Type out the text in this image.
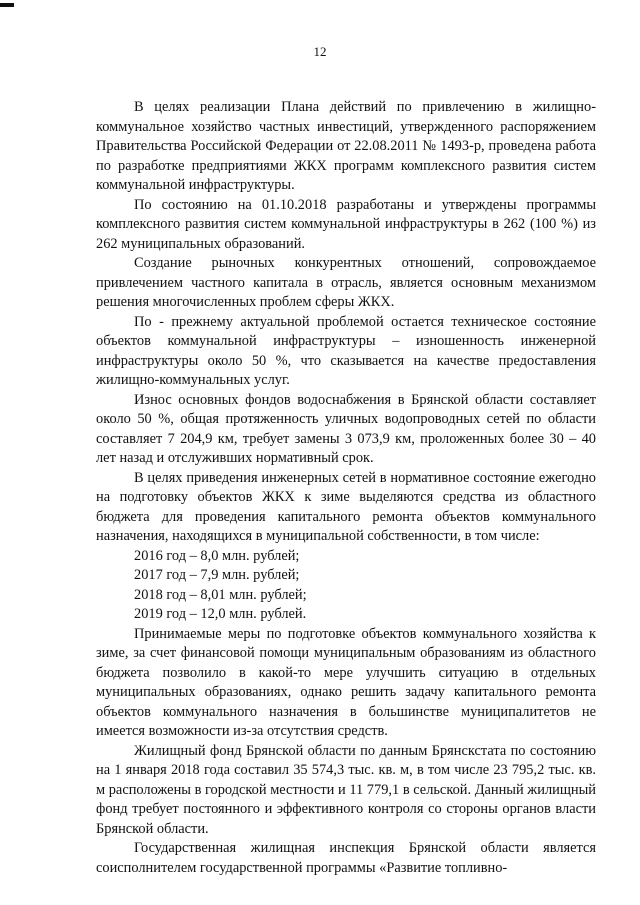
12

В целях реализации Плана действий по привлечению в жилищно-коммунальное хозяйство частных инвестиций, утвержденного распоряжением Правительства Российской Федерации от 22.08.2011 № 1493-р, проведена работа по разработке предприятиями ЖКХ программ комплексного развития систем коммунальной инфраструктуры.

По состоянию на 01.10.2018 разработаны и утверждены программы комплексного развития систем коммунальной инфраструктуры в 262 (100 %) из 262 муниципальных образований.

Создание рыночных конкурентных отношений, сопровождаемое привлечением частного капитала в отрасль, является основным механизмом решения многочисленных проблем сферы ЖКХ.

По - прежнему актуальной проблемой остается техническое состояние объектов коммунальной инфраструктуры – изношенность инженерной инфраструктуры около 50 %, что сказывается на качестве предоставления жилищно-коммунальных услуг.

Износ основных фондов водоснабжения в Брянской области составляет около 50 %, общая протяженность уличных водопроводных сетей по области составляет 7 204,9 км, требует замены 3 073,9 км, проложенных более 30 – 40 лет назад и отслуживших нормативный срок.

В целях приведения инженерных сетей в нормативное состояние ежегодно на подготовку объектов ЖКХ к зиме выделяются средства из областного бюджета для проведения капитального ремонта объектов коммунального назначения, находящихся в муниципальной собственности, в том числе:

2016 год – 8,0 млн. рублей;

2017 год – 7,9 млн. рублей;

2018 год – 8,01 млн. рублей;

2019 год – 12,0 млн. рублей.

Принимаемые меры по подготовке объектов коммунального хозяйства к зиме, за счет финансовой помощи муниципальным образованиям из областного бюджета позволило в какой-то мере улучшить ситуацию в отдельных муниципальных образованиях, однако решить задачу капитального ремонта объектов коммунального назначения в большинстве муниципалитетов не имеется возможности из-за отсутствия средств.

Жилищный фонд Брянской области по данным Брянскстата по состоянию на 1 января 2018 года составил 35 574,3 тыс. кв. м, в том числе 23 795,2 тыс. кв. м расположены в городской местности и 11 779,1 в сельской. Данный жилищный фонд требует постоянного и эффективного контроля со стороны органов власти Брянской области.

Государственная жилищная инспекция Брянской области является соисполнителем государственной программы «Развитие топливно-
